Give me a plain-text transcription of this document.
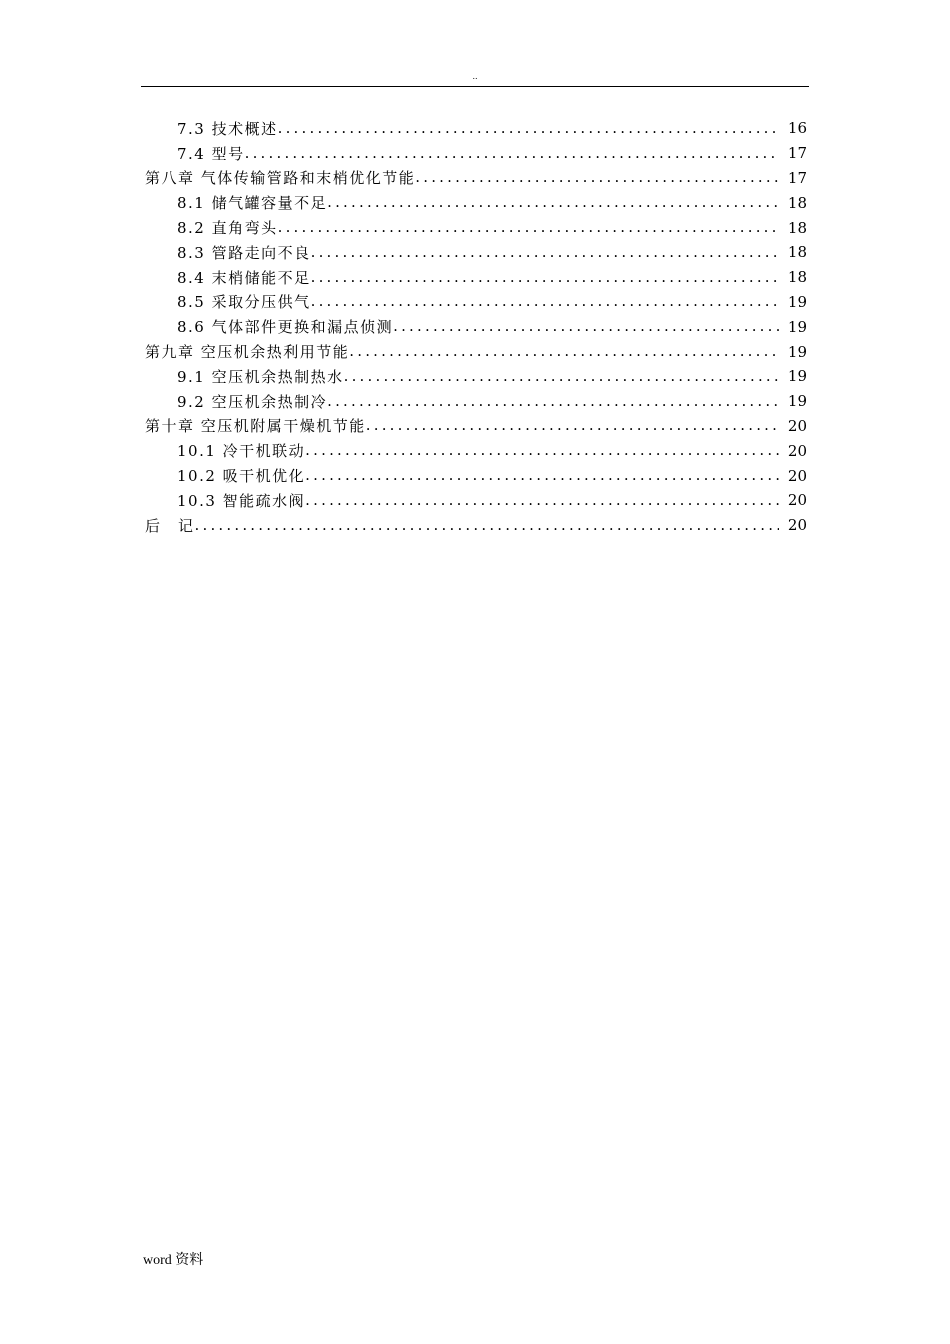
..
7.3 技术概述 .....	16
7.4 型号 .....	17
第八章 气体传输管路和末梢优化节能 .....	17
8.1 储气罐容量不足 .....	18
8.2 直角弯头 .....	18
8.3 管路走向不良 .....	18
8.4 末梢储能不足 .....	18
8.5 采取分压供气 .....	19
8.6 气体部件更换和漏点侦测 .....	19
第九章 空压机余热利用节能 .....	19
9.1 空压机余热制热水 .....	19
9.2 空压机余热制冷 .....	19
第十章 空压机附属干燥机节能 .....	20
10.1 冷干机联动 .....	20
10.2 吸干机优化 .....	20
10.3 智能疏水阀 .....	20
后　记 .....	20
word 资料
